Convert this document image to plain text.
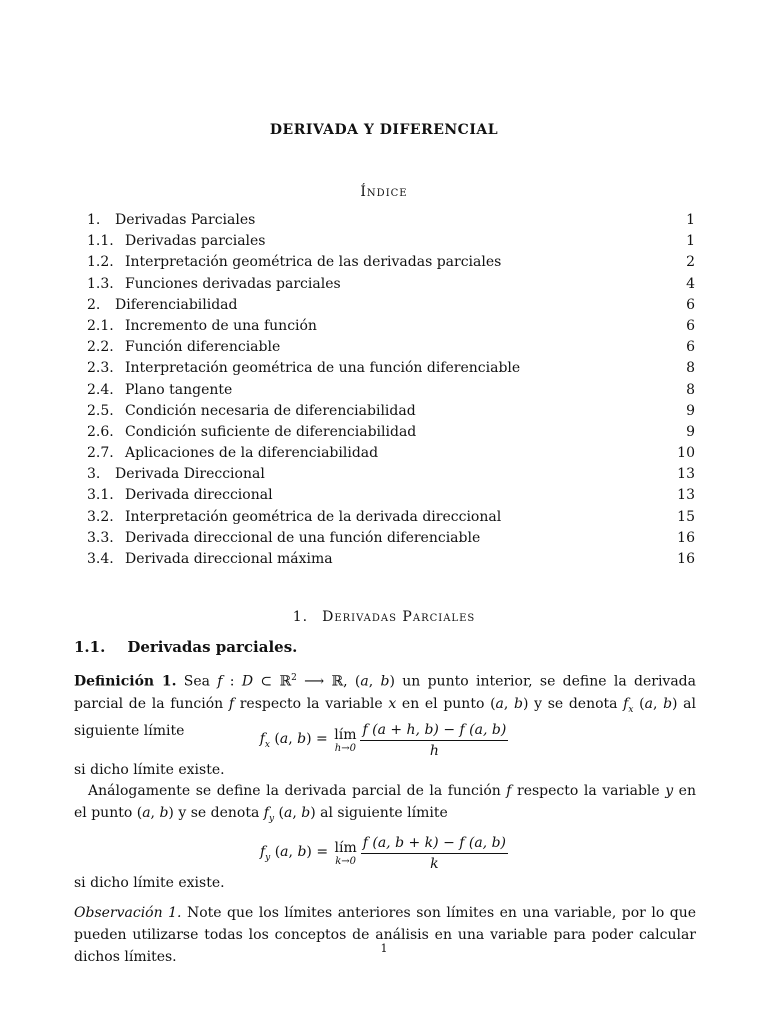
DERIVADA Y DIFERENCIAL
Índice
1.	Derivadas Parciales	1
1.1. Derivadas parciales	1
1.2. Interpretación geométrica de las derivadas parciales	2
1.3. Funciones derivadas parciales	4
2.	Diferenciabilidad	6
2.1. Incremento de una función	6
2.2. Función diferenciable	6
2.3. Interpretación geométrica de una función diferenciable	8
2.4. Plano tangente	8
2.5. Condición necesaria de diferenciabilidad	9
2.6. Condición suficiente de diferenciabilidad	9
2.7. Aplicaciones de la diferenciabilidad	10
3.	Derivada Direccional	13
3.1. Derivada direccional	13
3.2. Interpretación geométrica de la derivada direccional	15
3.3. Derivada direccional de una función diferenciable	16
3.4. Derivada direccional máxima	16
1. Derivadas Parciales
1.1. Derivadas parciales.
Definición 1. Sea f : D ⊂ ℝ$^2$ ⟶ ℝ, (a, b) un punto interior, se define la derivada parcial de la función f respecto la variable x en el punto (a, b) y se denota $f_x$ (a, b) al siguiente límite	$f_x$ (a, b) = lím
$h\to 0 \frac{f (a + h, b) - f (a, b)}{h}$
si dicho límite existe.
Análogamente se define la derivada parcial de la función f respecto la variable y en el punto (a, b) y se denota $f_y$ (a, b) al siguiente límite
$f_y$ (a, b) = lím
$k\to 0 \frac{f (a, b + k) - f (a, b)}{k}$
si dicho límite existe.
Observación 1. Note que los límites anteriores son límites en una variable, por lo que pueden utilizarse todas los conceptos de análisis en una variable para poder calcular dichos límites.
1
